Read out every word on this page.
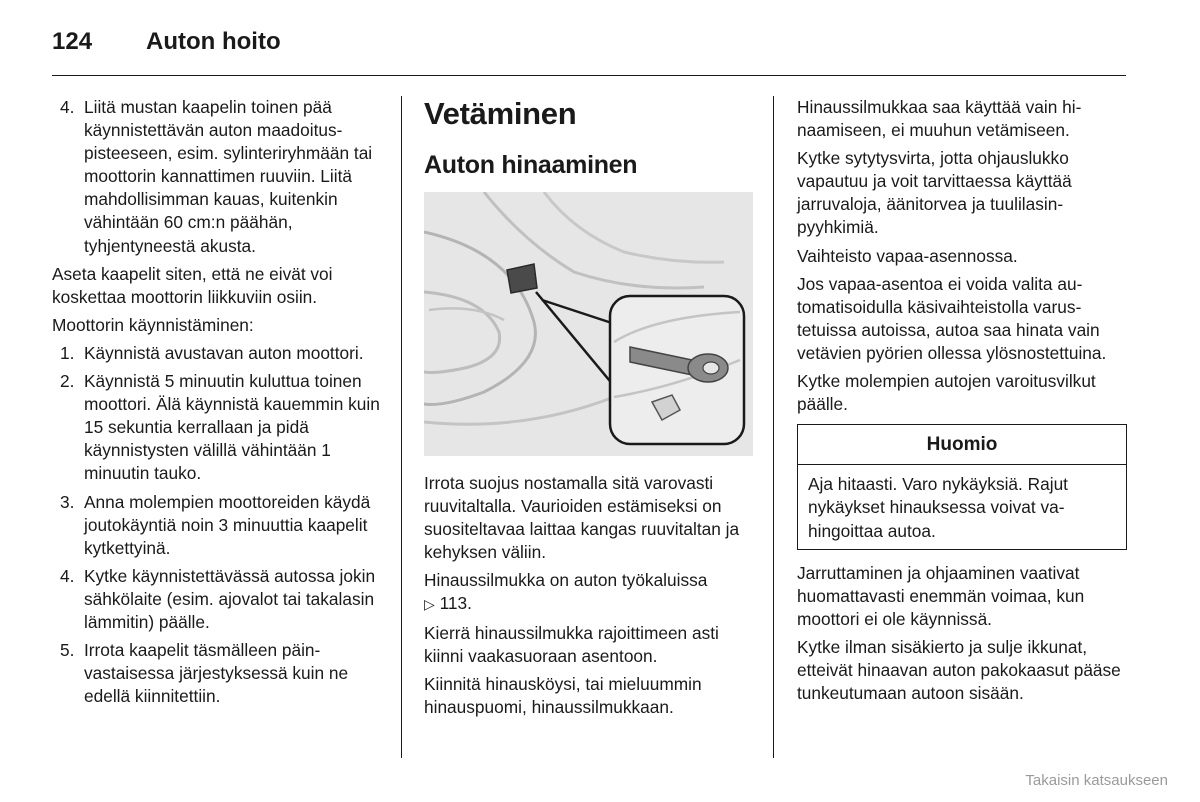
124	Auton hoito
4. Liitä mustan kaapelin toinen pää käynnistettävän auton maadoituspisteeseen, esim. sylinteriryhmään tai moottorin kannattimen ruuviin. Liitä mahdollisimman kauas, kuitenkin vähintään 60 cm:n päähän, tyhjentyneestä akusta.

Aseta kaapelit siten, että ne eivät voi koskettaa moottorin liikkuviin osiin.

Moottorin käynnistäminen:

1. Käynnistä avustavan auton moottori.
2. Käynnistä 5 minuutin kuluttua toinen moottori. Älä käynnistä kauemmin kuin 15 sekuntia kerrallaan ja pidä käynnistysten välillä vähintään 1 minuutin tauko.
3. Anna molempien moottoreiden käydä joutokäyntiä noin 3 minuuttia kaapelit kytkettyinä.
4. Kytke käynnistettävässä autossa jokin sähkölaite (esim. ajovalot tai takalasin lämmitin) päälle.
5. Irrota kaapelit täsmälleen päinvastaisessa järjestyksessä kuin ne edellä kiinnitettiin.
Vetäminen
Auton hinaaminen

Irrota suojus nostamalla sitä varovasti ruuvitaltalla. Vaurioiden estämiseksi on suositeltavaa laittaa kangas ruuvitaltan ja kehyksen väliin.

Hinaussilmukka on auton työkaluissa
▷ 113.

Kierrä hinaussilmukka rajoittimeen asti kiinni vaakasuoraan asentoon.

Kiinnitä hinausköysi, tai mieluummin hinauspuomi, hinaussilmukkaan.

Hinaussilmukkaa saa käyttää vain hinaamiseen, ei muuhun vetämiseen.

Kytke sytytysvirta, jotta ohjauslukko vapautuu ja voit tarvittaessa käyttää jarruvaloja, äänitorvea ja tuulilasinpyyhkimiä.

Vaihteisto vapaa-asennossa.

Jos vapaa-asentoa ei voida valita automatisoidulla käsivaihteistolla varustetuissa autoissa, autoa saa hinata vain vetävien pyörien ollessa ylösnostettuina.

Kytke molempien autojen varoitusvilkut päälle.

Huomio
Aja hitaasti. Varo nykäyksiä. Rajut nykäykset hinauksessa voivat vahingoittaa autoa.

Jarruttaminen ja ohjaaminen vaativat huomattavasti enemmän voimaa, kun moottori ei ole käynnissä.

Kytke ilman sisäkierto ja sulje ikkunat, etteivät hinaavan auton pakokaasut pääse tunkeutumaan autoon sisään.

Takaisin katsaukseen
